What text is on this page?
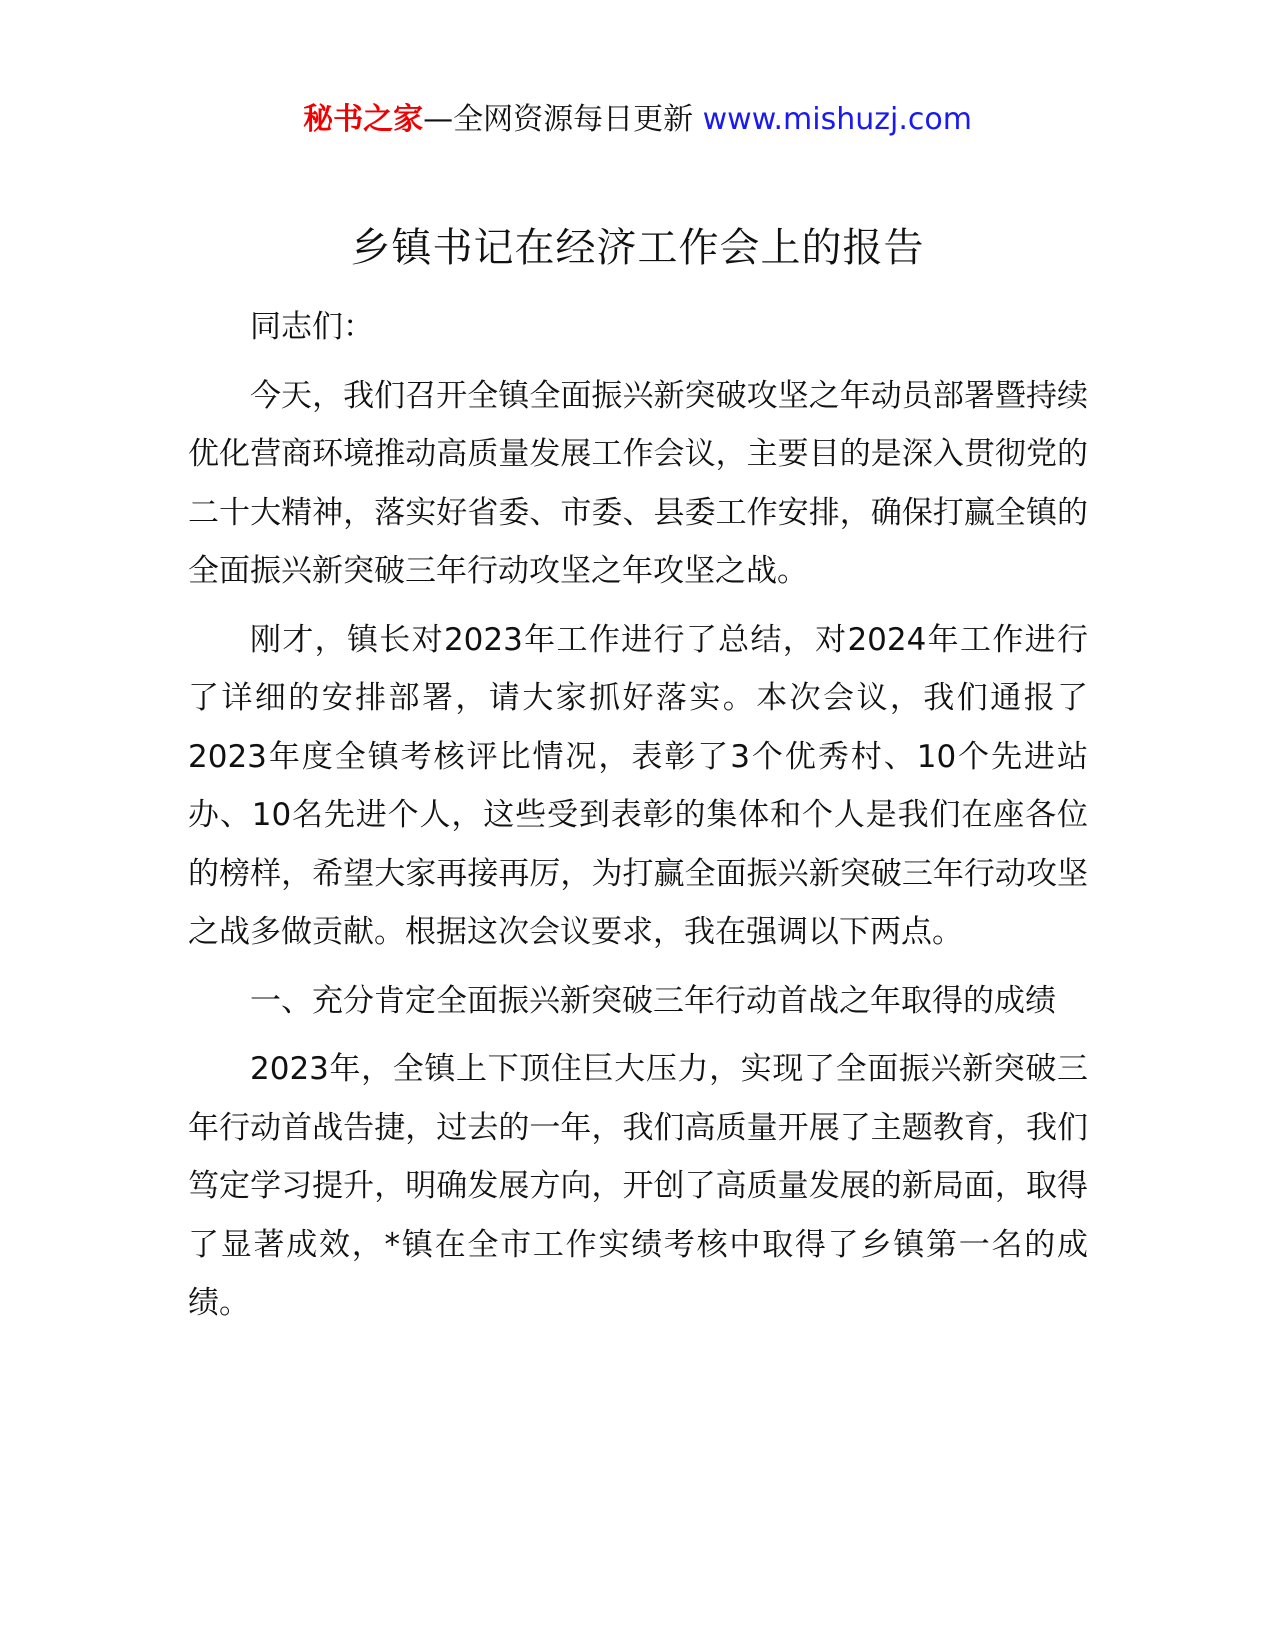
秘书之家—全网资源每日更新 www.mishuzj.com
乡镇书记在经济工作会上的报告

同志们：

今天，我们召开全镇全面振兴新突破攻坚之年动员部署暨持续优化营商环境推动高质量发展工作会议，主要目的是深入贯彻党的二十大精神，落实好省委、市委、县委工作安排，确保打赢全镇的全面振兴新突破三年行动攻坚之年攻坚之战。

刚才，镇长对2023年工作进行了总结，对2024年工作进行了详细的安排部署，请大家抓好落实。本次会议，我们通报了2023年度全镇考核评比情况，表彰了3个优秀村、10个先进站办、10名先进个人，这些受到表彰的集体和个人是我们在座各位的榜样，希望大家再接再厉，为打赢全面振兴新突破三年行动攻坚之战多做贡献。根据这次会议要求，我在强调以下两点。

一、充分肯定全面振兴新突破三年行动首战之年取得的成绩

2023年，全镇上下顶住巨大压力，实现了全面振兴新突破三年行动首战告捷，过去的一年，我们高质量开展了主题教育，我们笃定学习提升，明确发展方向，开创了高质量发展的新局面，取得了显著成效，*镇在全市工作实绩考核中取得了乡镇第一名的成绩。
